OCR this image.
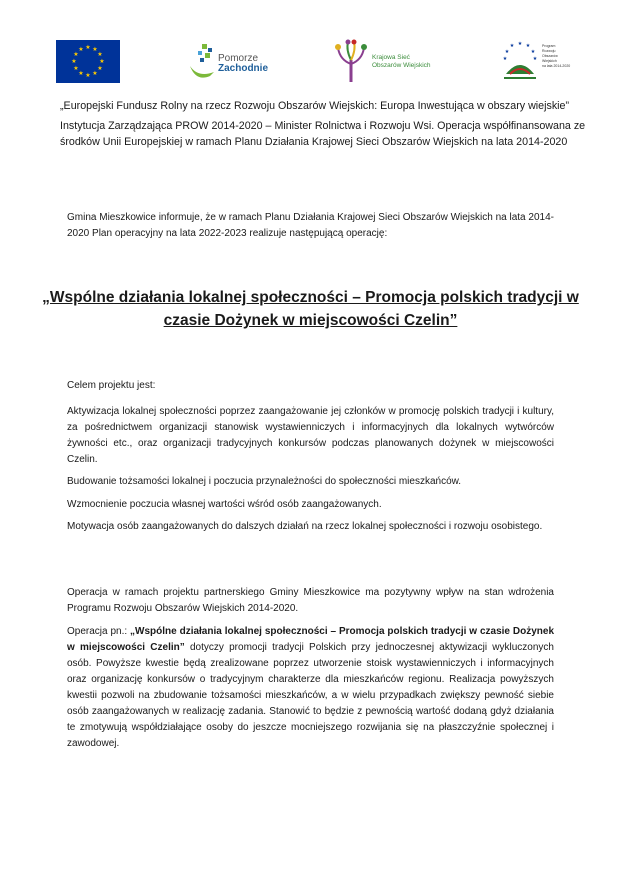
★ ★
★
★
★
★
★
★
★
★
★
★
Pomorze
Zachodnie
Krajowa Sieć
Obszarów Wiejskich
★ ★
★
★
★
★	★
Program
Rozwoju
Obszarów
Wiejskich
na lata 2014-2020
„Europejski Fundusz Rolny na rzecz Rozwoju Obszarów Wiejskich: Europa Inwestująca w obszary wiejskie”
Instytucja Zarządzająca PROW 2014-2020 – Minister Rolnictwa i Rozwoju Wsi. Operacja współfinansowana ze środków Unii Europejskiej w ramach Planu Działania Krajowej Sieci Obszarów Wiejskich na lata 2014-2020
Gmina Mieszkowice informuje, że w ramach Planu Działania Krajowej Sieci Obszarów Wiejskich na lata 2014-2020 Plan operacyjny na lata 2022-2023 realizuje następującą operację:
„Wspólne działania lokalnej społeczności – Promocja polskich tradycji w czasie Dożynek w miejscowości Czelin”
Celem projektu jest:
Aktywizacja lokalnej społeczności poprzez zaangażowanie jej członków w promocję polskich tradycji i kultury, za pośrednictwem organizacji stanowisk wystawienniczych i informacyjnych dla lokalnych wytwórców żywności etc., oraz organizacji tradycyjnych konkursów podczas planowanych dożynek w miejscowości Czelin.
Budowanie tożsamości lokalnej i poczucia przynależności do społeczności mieszkańców.
Wzmocnienie poczucia własnej wartości wśród osób zaangażowanych.
Motywacja osób zaangażowanych do dalszych działań na rzecz lokalnej społeczności i rozwoju osobistego.
Operacja w ramach projektu partnerskiego Gminy Mieszkowice ma pozytywny wpływ na stan wdrożenia Programu Rozwoju Obszarów Wiejskich 2014-2020.
Operacja pn.: „Wspólne działania lokalnej społeczności – Promocja polskich tradycji w czasie Dożynek w miejscowości Czelin” dotyczy promocji tradycji Polskich przy jednoczesnej aktywizacji wykluczonych osób. Powyższe kwestie będą zrealizowane poprzez utworzenie stoisk wystawienniczych i informacyjnych oraz organizację konkursów o tradycyjnym charakterze dla mieszkańców regionu. Realizacja powyższych kwestii pozwoli na zbudowanie tożsamości mieszkańców, a w wielu przypadkach zwiększy pewność siebie osób zaangażowanych w realizację zadania. Stanowić to będzie z pewnością wartość dodaną gdyż działania te zmotywują współdziałające osoby do jeszcze mocniejszego rozwijania się na płaszczyźnie społecznej i zawodowej.
